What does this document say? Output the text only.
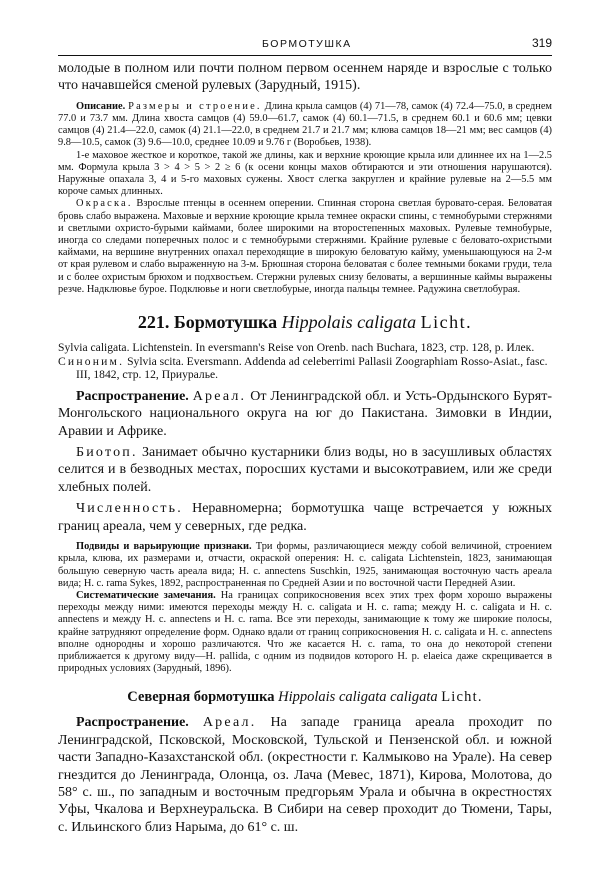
БОРМОТУШКА	319

молодые в полном или почти полном первом осеннем наряде и взрослые с только что начавшейся сменой рулевых (Зарудный, 1915).

Описание. Размеры и строение. Длина крыла самцов (4) 71—78, самок (4) 72.4—75.0, в среднем 77.0 и 73.7 мм. Длина хвоста самцов (4) 59.0—61.7, самок (4) 60.1—71.5, в среднем 60.1 и 60.6 мм; цевки самцов (4) 21.4—22.0, самок (4) 21.1—22.0, в среднем 21.7 и 21.7 мм; клюва самцов 18—21 мм; вес самцов (4) 9.8—10.5, самок (3) 9.6—10.0, среднее 10.09 и 9.76 г (Воробьев, 1938).

1-е маховое жесткое и короткое, такой же длины, как и верхние кроющие крыла или длиннее их на 1—2.5 мм. Формула крыла 3 > 4 > 5 > 2 ≥ 6 (к осени концы махов обтираются и эти отношения нарушаются). Наружные опахала 3, 4 и 5-го маховых сужены. Хвост слегка закруглен и крайние рулевые на 2—5.5 мм короче самых длинных.

Окраска. Взрослые птенцы в осеннем оперении. Спинная сторона светлая буровато-серая. Беловатая бровь слабо выражена. Маховые и верхние кроющие крыла темнее окраски спины, с темнобурыми стержнями и светлыми охристо-бурыми каймами, более широкими на второстепенных маховых. Рулевые темнобурые, иногда со следами поперечных полос и с темнобурыми стержнями. Крайние рулевые с беловато-охристыми каймами, на вершине внутренних опахал переходящие в широкую беловатую кайму, уменьшающуюся на 2-м от края рулевом и слабо выраженную на 3-м. Брюшная сторона беловатая с более темными боками груди, тела и с более охристым брюхом и подхвостьем. Стержни рулевых снизу беловаты, а вершинные каймы выражены резче. Надклювье бурое. Подклювье и ноги светлобурые, иногда пальцы темнее. Радужина светлобурая.

221. Бормотушка Hippolais caligata Licht.

Sylvia caligata. Lichtenstein. In eversmann's Reise von Orenb. nach Buchara, 1823, стр. 128, р. Илек.

Синоним. Sylvia scita. Eversmann. Addenda ad celeberrimi Pallasii Zoographiam Rosso-Asiat., fasc. III, 1842, стр. 12, Приуралье.

Распространение. Ареал. От Ленинградской обл. и Усть-Ордынского Бурят-Монгольского национального округа на юг до Пакистана. Зимовки в Индии, Аравии и Африке.

Биотоп. Занимает обычно кустарники близ воды, но в засушливых областях селится и в безводных местах, поросших кустами и высокотравием, или же среди хлебных полей.

Численность. Неравномерна; бормотушка чаще встречается у южных границ ареала, чем у северных, где редка.

Подвиды и варьирующие признаки. Три формы, различающиеся между собой величиной, строением крыла, клюва, их размерами и, отчасти, окраской оперения: H. c. caligata Lichtenstein, 1823, занимающая большую северную часть ареала вида; H. c. annectens Suschkin, 1925, занимающая восточную часть ареала вида; H. c. rama Sykes, 1892, распространенная по Средней Азии и по восточной части Передней Азии.

Систематические замечания. На границах соприкосновения всех этих трех форм хорошо выражены переходы между ними: имеются переходы между H. c. caligata и H. c. rama; между H. c. caligata и H. c. annectens и между H. c. annectens и H. c. rama. Все эти переходы, занимающие к тому же широкие полосы, крайне затрудняют определение форм. Однако вдали от границ соприкосновения H. c. caligata и H. c. annectens вполне однородны и хорошо различаются. Что же касается H. c. rama, то она до некоторой степени приближается к другому виду—H. pallida, с одним из подвидов которого H. p. elaeica даже скрещивается в природных условиях (Зарудный, 1896).

Северная бормотушка Hippolais caligata caligata Licht.

Распространение. Ареал. На западе граница ареала проходит по Ленинградской, Псковской, Московской, Тульской и Пензенской обл. и южной части Западно-Казахстанской обл. (окрестности г. Калмыково на Урале). На север гнездится до Ленинграда, Олонца, оз. Лача (Мевес, 1871), Кирова, Молотова, до 58° с. ш., по западным и восточным предгорьям Урала и обычна в окрестностях Уфы, Чкалова и Верхнеуральска. В Сибири на север проходит до Тюмени, Тары, с. Ильинского близ Нарыма, до 61° с. ш.
